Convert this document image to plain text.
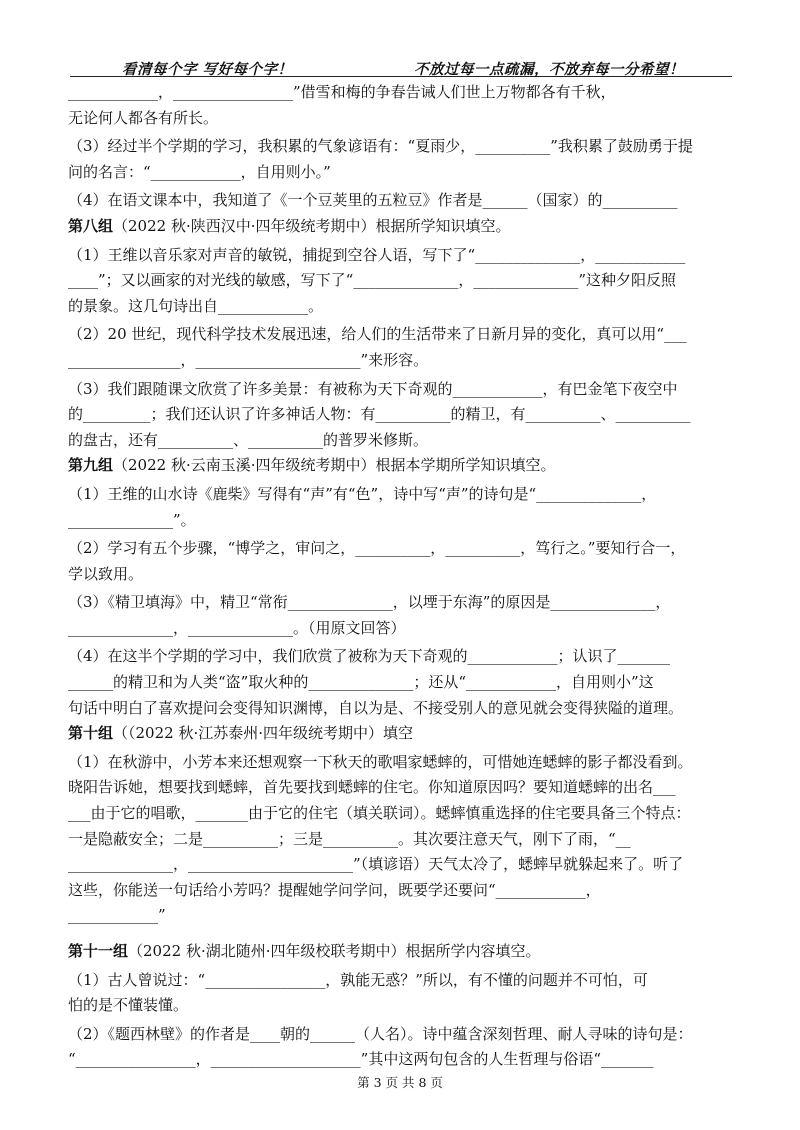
看清每个字 写好每个字！	不放过每一点疏漏，不放弃每一分希望！

____________，________________”借雪和梅的争春告诫人们世上万物都各有千秋，

无论何人都各有所长。

（3）经过半个学期的学习，我积累的气象谚语有：“夏雨少，__________”我积累了鼓励勇于提

问的名言：“____________，自用则小。”

（4）在语文课本中，我知道了《一个豆荚里的五粒豆》作者是______（国家）的__________

第八组（2022 秋·陕西汉中·四年级统考期中）根据所学知识填空。

（1）王维以音乐家对声音的敏锐，捕捉到空谷人语，写下了“______________，____________

____”；又以画家的对光线的敏感，写下了“______________，______________”这种夕阳反照

的景象。这几句诗出自____________。

（2）20 世纪，现代科学技术发展迅速，给人们的生活带来了日新月异的变化，真可以用“___

_______________，______________________”来形容。

（3）我们跟随课文欣赏了许多美景：有被称为天下奇观的____________，有巴金笔下夜空中

的_________；我们还认识了许多神话人物：有__________的精卫，有__________、__________

的盘古，还有__________、__________的普罗米修斯。

第九组（2022 秋·云南玉溪·四年级统考期中）根据本学期所学知识填空。

（1）王维的山水诗《鹿柴》写得有“声”有“色”，诗中写“声”的诗句是“______________，

______________”。

（2）学习有五个步骤，“博学之，审问之，__________，__________，笃行之。”要知行合一，

学以致用。

（3）《精卫填海》中，精卫“常衔______________，以堙于东海”的原因是______________，

______________，______________。（用原文回答）

（4）在这半个学期的学习中，我们欣赏了被称为天下奇观的____________；认识了_______

______的精卫和为人类“盗”取火种的______________；还从“____________，自用则小”这

句话中明白了喜欢提问会变得知识渊博，自以为是、不接受别人的意见就会变得狭隘的道理。

第十组（（2022 秋·江苏泰州·四年级统考期中）填空

（1）在秋游中，小芳本来还想观察一下秋天的歌唱家蟋蟀的，可惜她连蟋蟀的影子都没看到。

晓阳告诉她，想要找到蟋蟀，首先要找到蟋蟀的住宅。你知道原因吗？要知道蟋蟀的出名___

___由于它的唱歌，_______由于它的住宅（填关联词）。蟋蟀慎重选择的住宅要具备三个特点：

一是隐蔽安全；二是__________；三是__________。其次要注意天气，刚下了雨，“__

______________，______________________”（填谚语）天气太冷了，蟋蟀早就躲起来了。听了

这些，你能送一句话给小芳吗？提醒她学问学问，既要学还要问“____________，

____________”

第十一组（2022 秋·湖北随州·四年级校联考期中）根据所学内容填空。

（1）古人曾说过：“________________，孰能无惑？”所以，有不懂的问题并不可怕，可

怕的是不懂装懂。

（2）《题西林壁》的作者是____朝的______（人名）。诗中蕴含深刻哲理、耐人寻味的诗句是：

“________________，____________________”其中这两句包含的人生哲理与俗语“_______

第 3 页 共 8 页
